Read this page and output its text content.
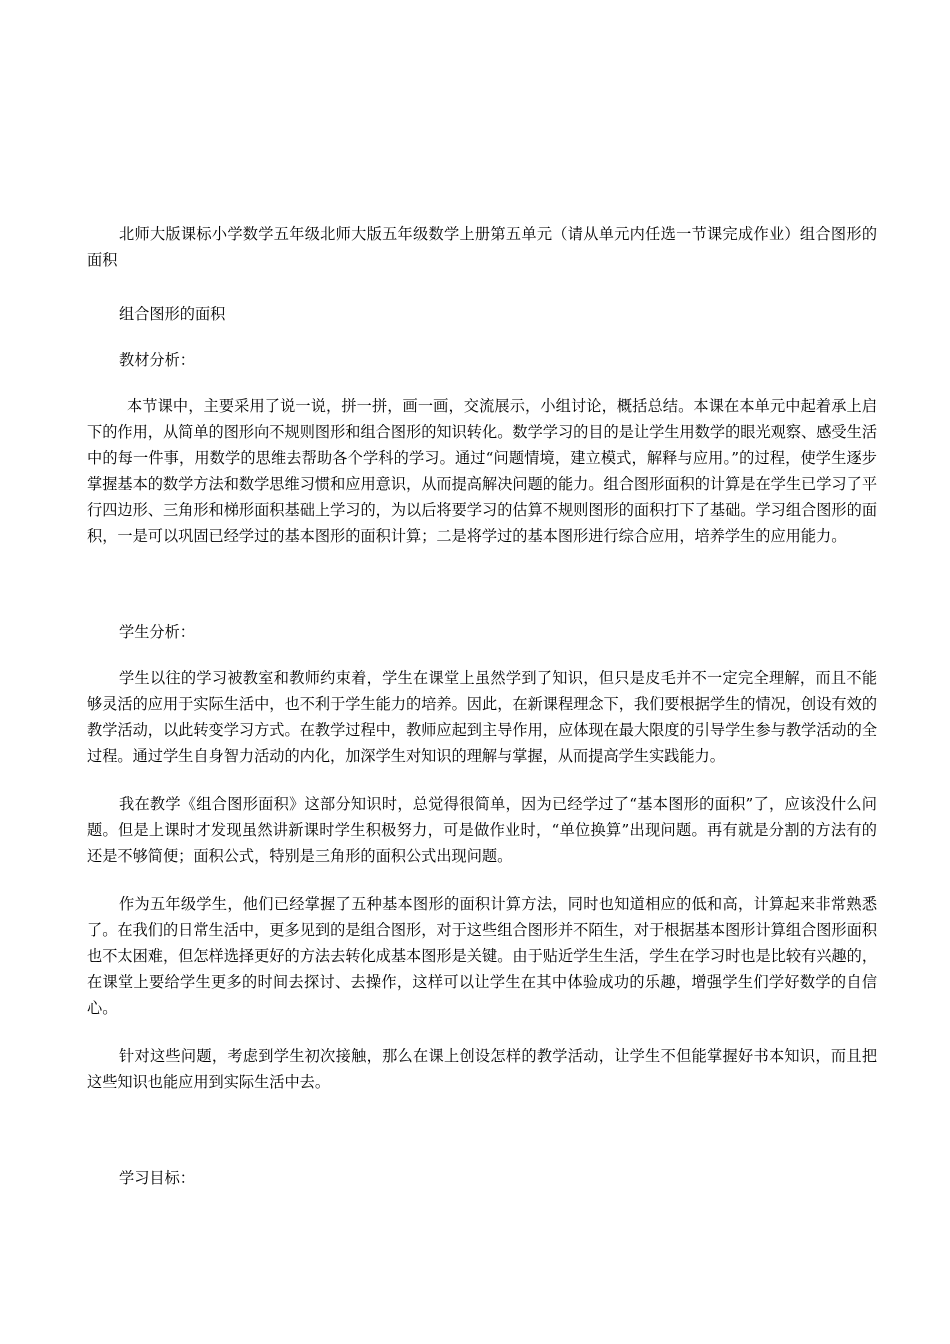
北师大版课标小学数学五年级北师大版五年级数学上册第五单元（请从单元内任选一节课完成作业）组合图形的面积

组合图形的面积

教材分析：

本节课中，主要采用了说一说，拼一拼，画一画，交流展示，小组讨论，概括总结。本课在本单元中起着承上启下的作用，从简单的图形向不规则图形和组合图形的知识转化。数学学习的目的是让学生用数学的眼光观察、感受生活中的每一件事，用数学的思维去帮助各个学科的学习。通过“问题情境，建立模式，解释与应用。”的过程，使学生逐步掌握基本的数学方法和数学思维习惯和应用意识，从而提高解决问题的能力。组合图形面积的计算是在学生已学习了平行四边形、三角形和梯形面积基础上学习的，为以后将要学习的估算不规则图形的面积打下了基础。学习组合图形的面积，一是可以巩固已经学过的基本图形的面积计算；二是将学过的基本图形进行综合应用，培养学生的应用能力。

学生分析：

学生以往的学习被教室和教师约束着，学生在课堂上虽然学到了知识，但只是皮毛并不一定完全理解，而且不能够灵活的应用于实际生活中，也不利于学生能力的培养。因此，在新课程理念下，我们要根据学生的情况，创设有效的教学活动，以此转变学习方式。在教学过程中，教师应起到主导作用，应体现在最大限度的引导学生参与教学活动的全过程。通过学生自身智力活动的内化，加深学生对知识的理解与掌握，从而提高学生实践能力。

我在教学《组合图形面积》这部分知识时，总觉得很简单，因为已经学过了“基本图形的面积”了，应该没什么问题。但是上课时才发现虽然讲新课时学生积极努力，可是做作业时，“单位换算”出现问题。再有就是分割的方法有的还是不够简便；面积公式，特别是三角形的面积公式出现问题。

作为五年级学生，他们已经掌握了五种基本图形的面积计算方法，同时也知道相应的低和高，计算起来非常熟悉了。在我们的日常生活中，更多见到的是组合图形，对于这些组合图形并不陌生，对于根据基本图形计算组合图形面积也不太困难，但怎样选择更好的方法去转化成基本图形是关键。由于贴近学生生活，学生在学习时也是比较有兴趣的，在课堂上要给学生更多的时间去探讨、去操作，这样可以让学生在其中体验成功的乐趣，增强学生们学好数学的自信心。

针对这些问题，考虑到学生初次接触，那么在课上创设怎样的教学活动，让学生不但能掌握好书本知识，而且把这些知识也能应用到实际生活中去。

学习目标：
